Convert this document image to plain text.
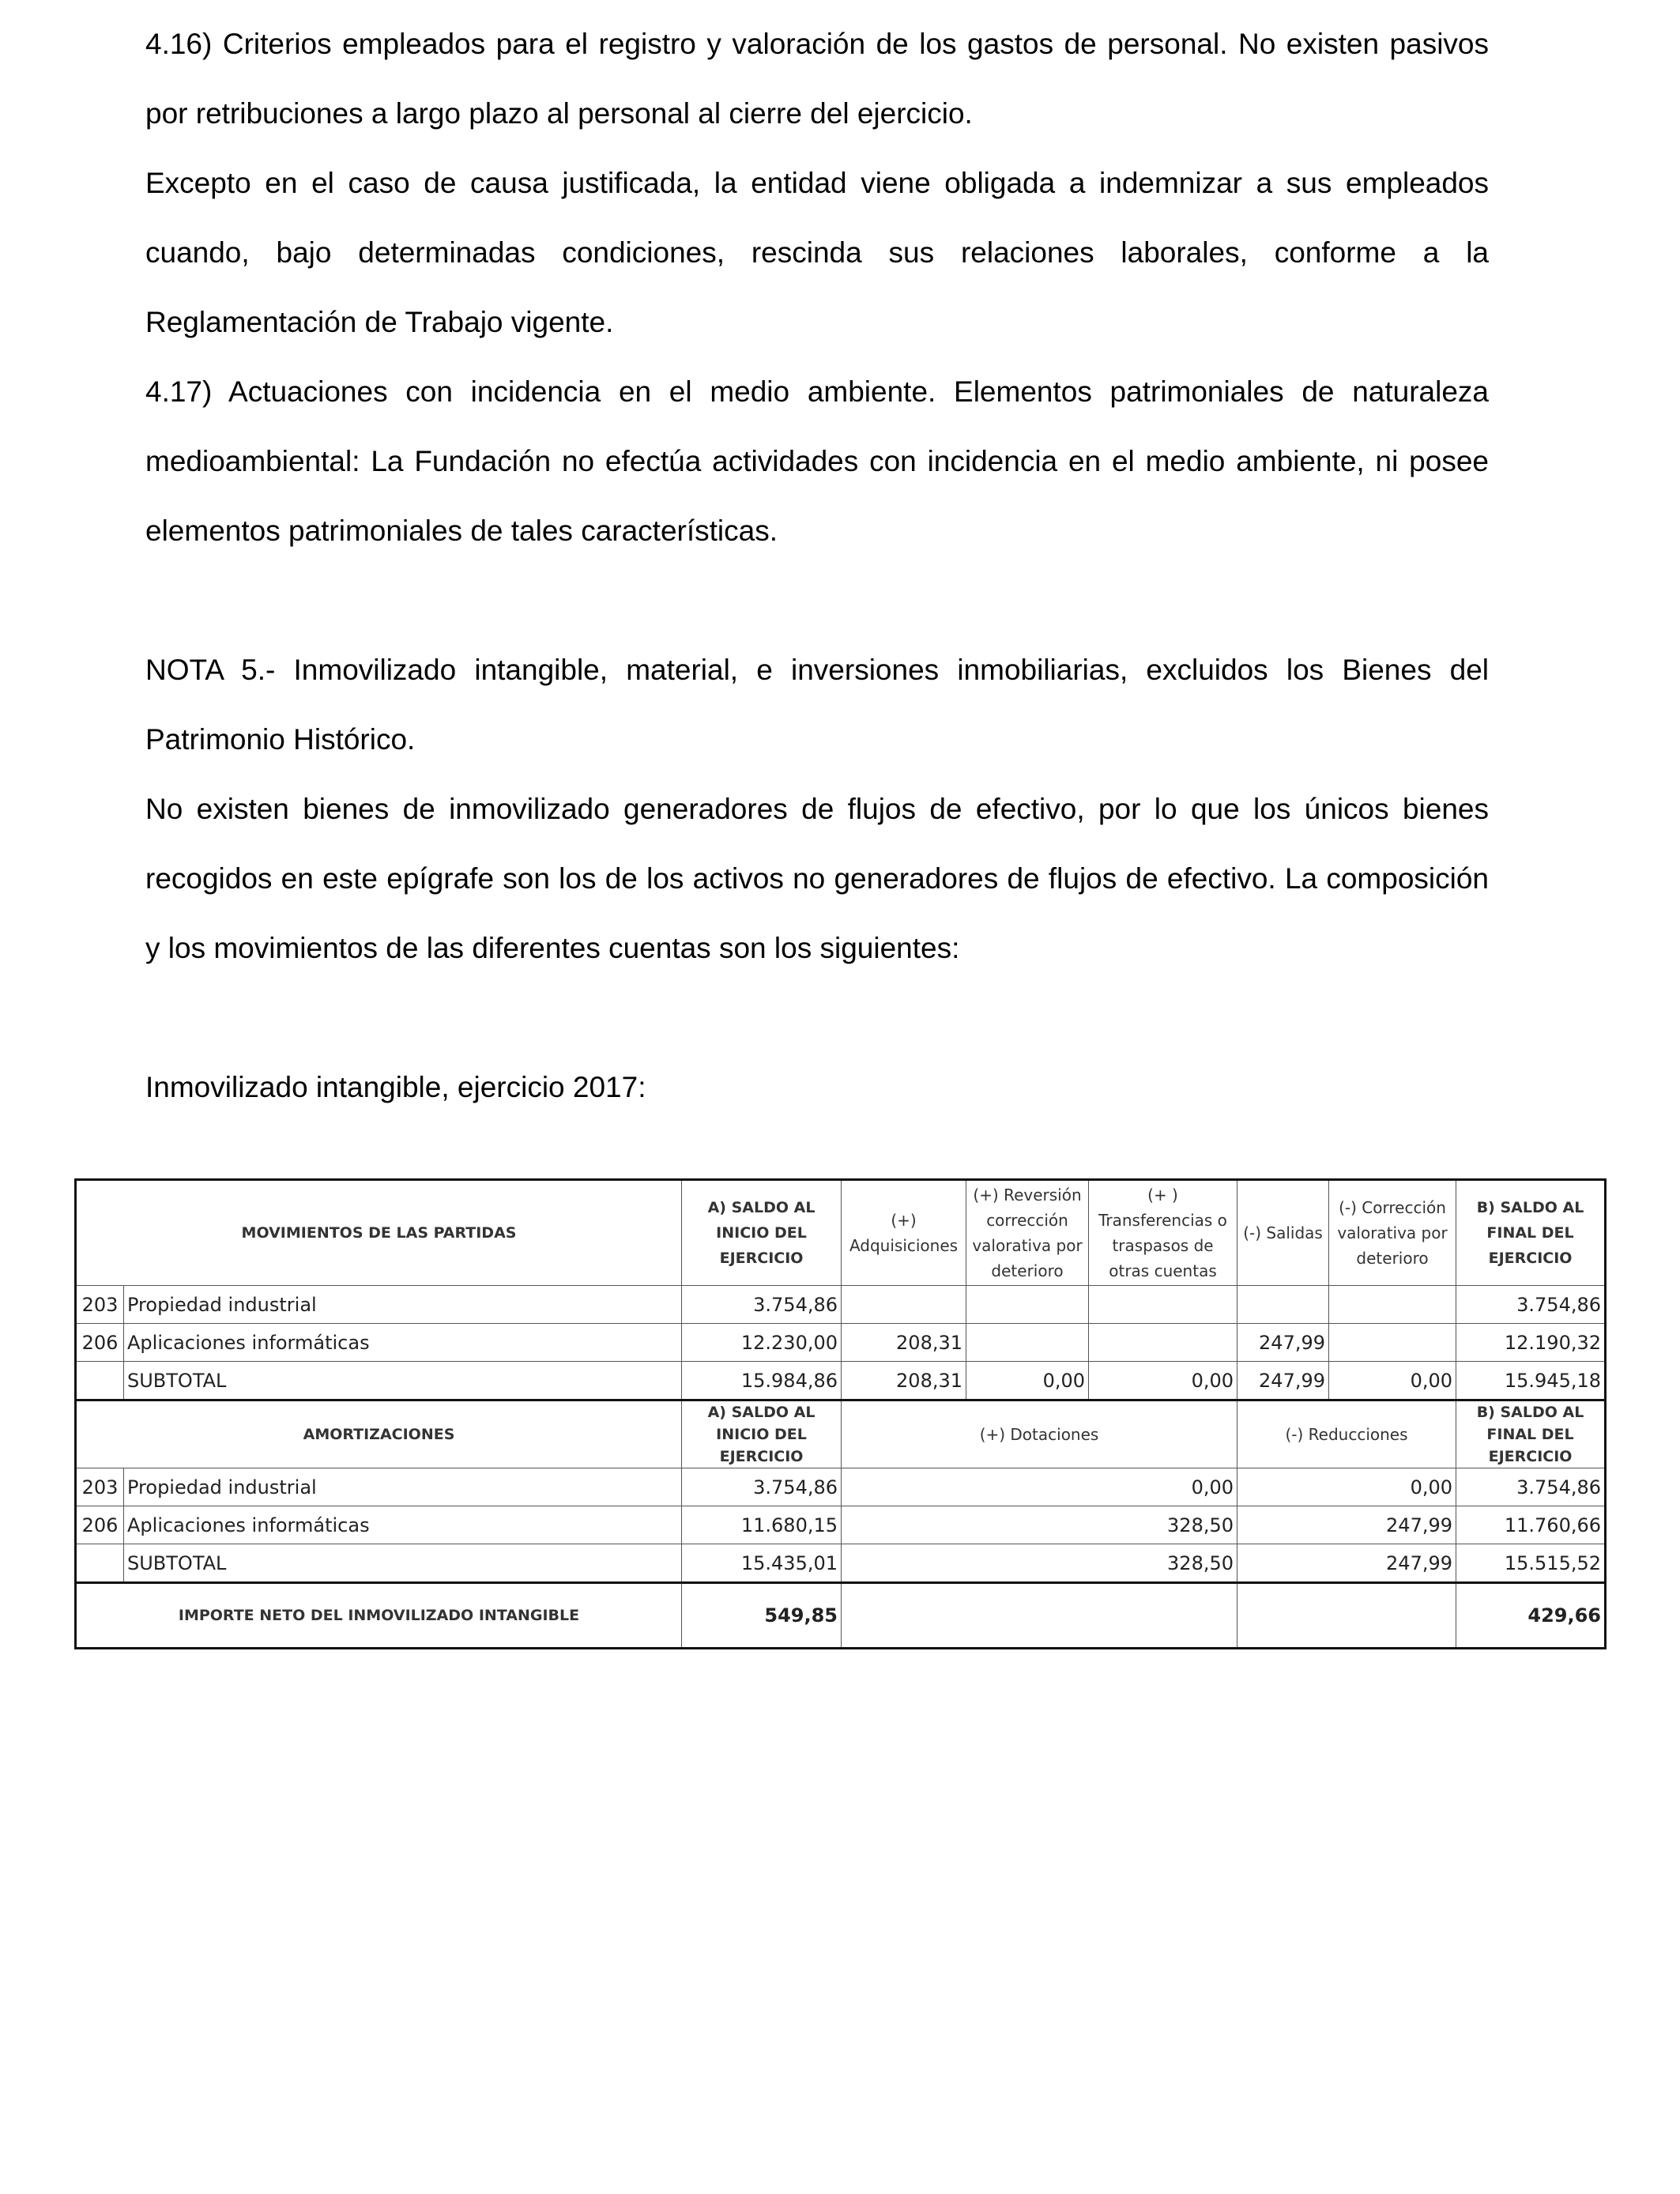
4.16) Criterios empleados para el registro y valoración de los gastos de personal. No existen pasivos por retribuciones a largo plazo al personal al cierre del ejercicio.

Excepto en el caso de causa justificada, la entidad viene obligada a indemnizar a sus empleados cuando, bajo determinadas condiciones, rescinda sus relaciones laborales, conforme a la Reglamentación de Trabajo vigente.

4.17) Actuaciones con incidencia en el medio ambiente. Elementos patrimoniales de naturaleza medioambiental: La Fundación no efectúa actividades con incidencia en el medio ambiente, ni posee elementos patrimoniales de tales características.

NOTA 5.- Inmovilizado intangible, material, e inversiones inmobiliarias, excluidos los Bienes del Patrimonio Histórico.

No existen bienes de inmovilizado generadores de flujos de efectivo, por lo que los únicos bienes recogidos en este epígrafe son los de los activos no generadores de flujos de efectivo. La composición y los movimientos de las diferentes cuentas son los siguientes:

Inmovilizado intangible, ejercicio 2017:

MOVIMIENTOS DE LAS PARTIDAS		A) SALDO AL INICIO DEL EJERCICIO	(+) Adquisiciones	(+) Reversión corrección valorativa por deterioro	(+ ) Transferencias o traspasos de otras cuentas	(-) Salidas	(-) Corrección valorativa por deterioro	B) SALDO AL FINAL DEL EJERCICIO
203	Propiedad industrial	3.754,86						3.754,86
206	Aplicaciones informáticas	12.230,00	208,31			247,99		12.190,32
	SUBTOTAL	15.984,86	208,31	0,00	0,00	247,99	0,00	15.945,18
AMORTIZACIONES		A) SALDO AL INICIO DEL EJERCICIO	(+) Dotaciones			(-) Reducciones		B) SALDO AL FINAL DEL EJERCICIO
203	Propiedad industrial	3.754,86	0,00			0,00		3.754,86
206	Aplicaciones informáticas	11.680,15	328,50			247,99		11.760,66
	SUBTOTAL	15.435,01	328,50			247,99		15.515,52
IMPORTE NETO DEL INMOVILIZADO INTANGIBLE		549,85						429,66
